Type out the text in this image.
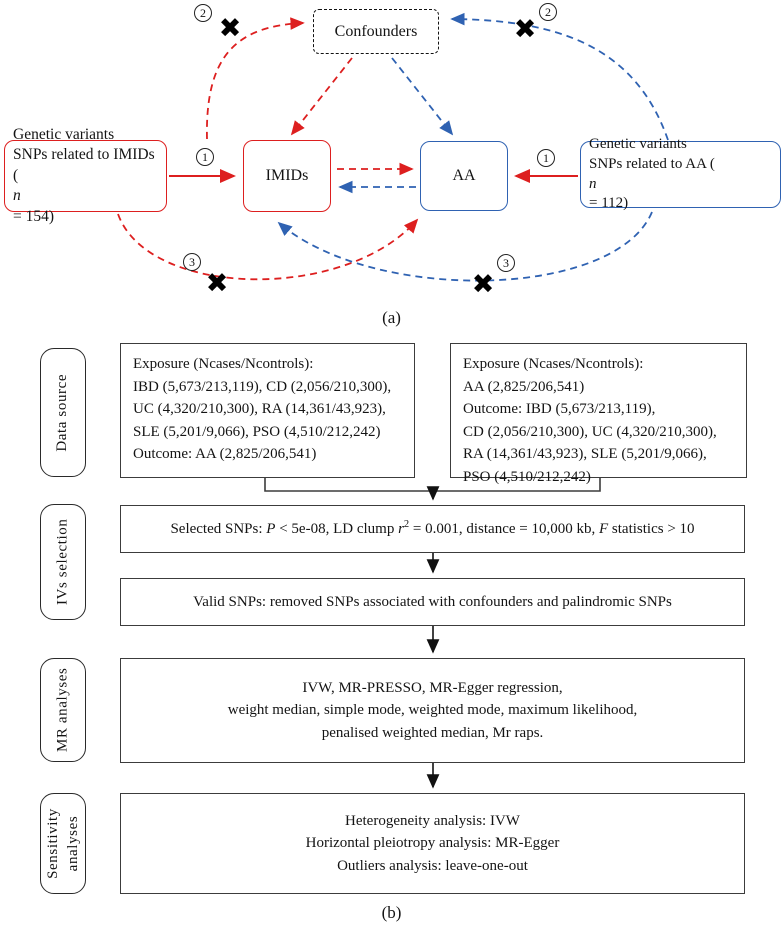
Genetic variants
SNPs related to IMIDs
(
n
= 154)
IMIDs	AA
Genetic variants
SNPs related to AA (
n
= 112)
Confounders
1	1
2	2
3	3
✖	✖
✖	✖
(a)
Data source
IVs selection
MR analyses
Sensitivity analyses
Exposure (Ncases/Ncontrols):
IBD (5,673/213,119), CD (2,056/210,300),
UC (4,320/210,300), RA (14,361/43,923),
SLE (5,201/9,066), PSO (4,510/212,242)
Outcome: AA (2,825/206,541)
Exposure (Ncases/Ncontrols):
AA (2,825/206,541)
Outcome: IBD (5,673/213,119),
CD (2,056/210,300), UC (4,320/210,300),
RA (14,361/43,923), SLE (5,201/9,066),
PSO (4,510/212,242)
Selected SNPs: P < 5e-08, LD clump $r^2 = 0.001$, distance = 10,000 kb, F statistics > 10
Valid SNPs: removed SNPs associated with confounders and palindromic SNPs
IVW, MR-PRESSO, MR-Egger regression,
weight median, simple mode, weighted mode, maximum likelihood,
penalised weighted median, Mr raps.
Heterogeneity analysis: IVW
Horizontal pleiotropy analysis: MR-Egger
Outliers analysis: leave-one-out
(b)
